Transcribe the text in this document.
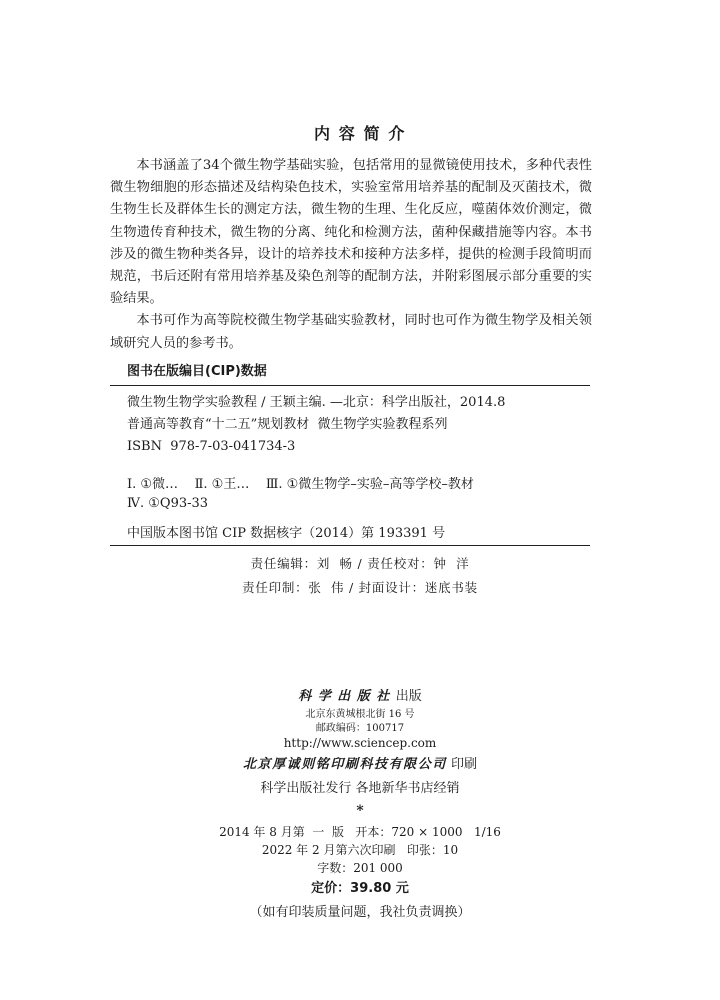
内 容 简 介

本书涵盖了34个微生物学基础实验，包括常用的显微镜使用技术，多种代表性微生物细胞的形态描述及结构染色技术，实验室常用培养基的配制及灭菌技术，微生物生长及群体生长的测定方法，微生物的生理、生化反应，噬菌体效价测定，微生物遗传育种技术，微生物的分离、纯化和检测方法，菌种保藏措施等内容。本书涉及的微生物种类各异，设计的培养技术和接种方法多样，提供的检测手段简明而规范，书后还附有常用培养基及染色剂等的配制方法，并附彩图展示部分重要的实验结果。

本书可作为高等院校微生物学基础实验教材，同时也可作为微生物学及相关领域研究人员的参考书。

图书在版编目(CIP)数据
微生物生物学实验教程 / 王颖主编. —北京：科学出版社，2014.8
普通高等教育“十二五”规划教材  微生物学实验教程系列
ISBN  978-7-03-041734-3
Ⅰ. ①微…    Ⅱ. ①王…    Ⅲ. ①微生物学–实验–高等学校–教材
Ⅳ. ①Q93-33
中国版本图书馆 CIP 数据核字（2014）第 193391 号
责任编辑：刘  畅 / 责任校对：钟  洋
责任印制：张  伟 / 封面设计：迷底书装
科学出版社出版
北京东黄城根北街 16 号
邮政编码：100717
http://www.sciencep.com
北京厚诚则铭印刷科技有限公司 印刷
科学出版社发行 各地新华书店经销
*
2014 年 8 月第  一  版   开本：720 × 1000   1/16
2022 年 2 月第六次印刷   印张：10
字数：201 000
定价：39.80 元
（如有印装质量问题，我社负责调换）
